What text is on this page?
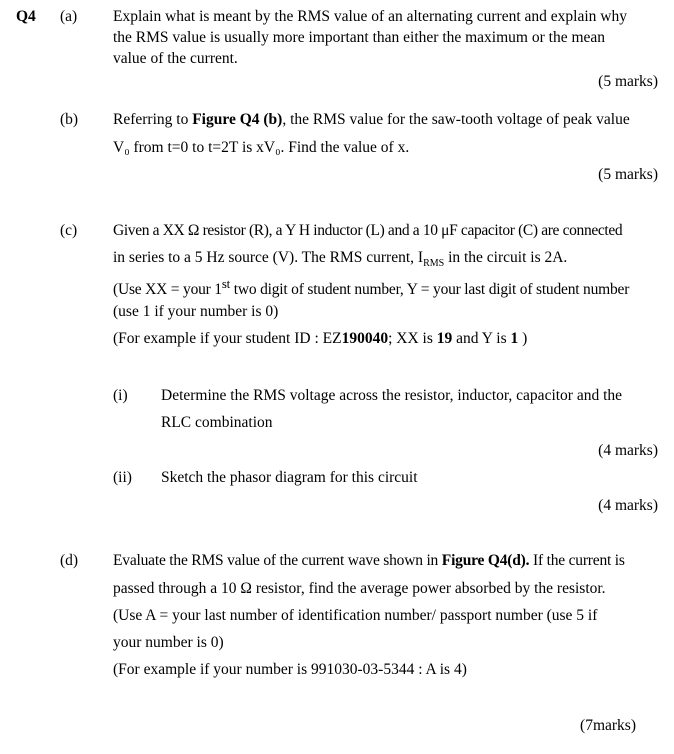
Q4 (a) Explain what is meant by the RMS value of an alternating current and explain why
the RMS value is usually more important than either the maximum or the mean
value of the current.
(5 marks)
(b) Referring to Figure Q4 (b), the RMS value for the saw-tooth voltage of peak value
V₀ from t=0 to t=2T is xV₀. Find the value of x.
(5 marks)
(c) Given a XX Ω resistor (R), a Y H inductor (L) and a 10 μF capacitor (C) are connected
in series to a 5 Hz source (V). The RMS current, $I_{RMS}$ in the circuit is 2A.
(Use XX = your 1st two digit of student number, Y = your last digit of student number
(use 1 if your number is 0)
(For example if your student ID : EZ190040; XX is 19 and Y is 1 )
(i) Determine the RMS voltage across the resistor, inductor, capacitor and the
RLC combination
(4 marks)
(ii) Sketch the phasor diagram for this circuit
(4 marks)
(d) Evaluate the RMS value of the current wave shown in Figure Q4(d). If the current is
passed through a 10 Ω resistor, find the average power absorbed by the resistor.
(Use A = your last number of identification number/ passport number (use 5 if
your number is 0)
(For example if your number is 991030-03-5344 : A is 4)
(7marks)
